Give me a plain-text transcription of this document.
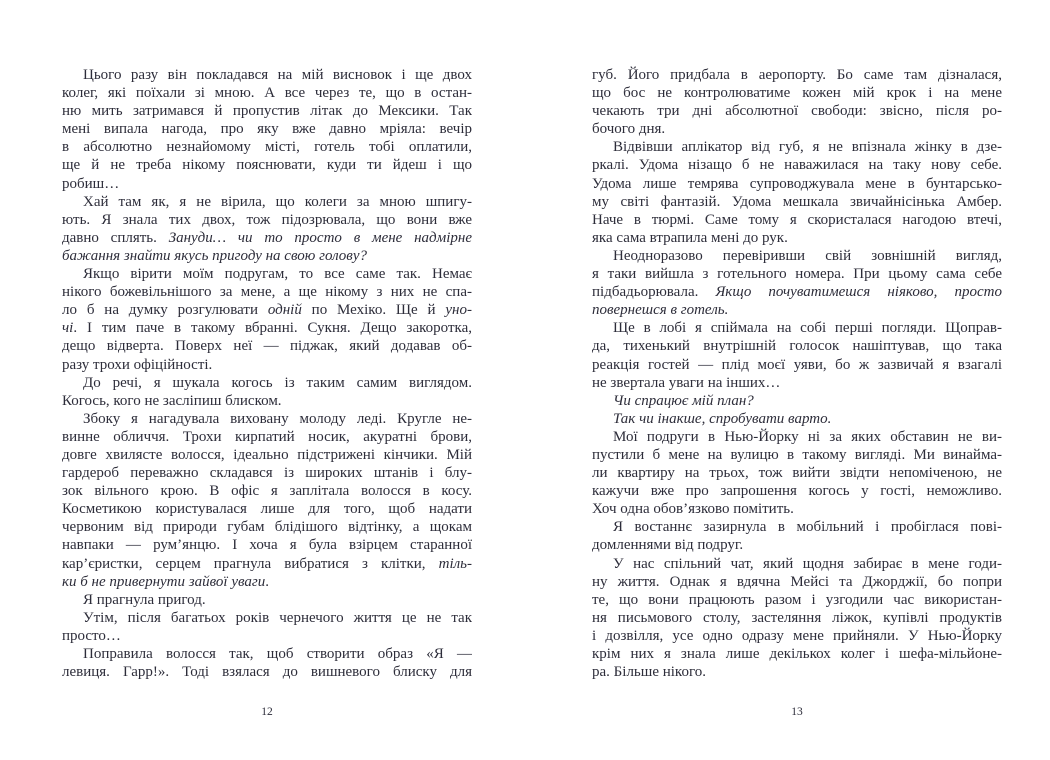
Цього разу він покладався на мій висновок і ще двох
колег, які поїхали зі мною. А все через те, що в остан-
ню мить затримався й пропустив літак до Мексики. Так
мені випала нагода, про яку вже давно мріяла: вечір
в абсолютно незнайомому місті, готель тобі оплатили,
ще й не треба нікому пояснювати, куди ти йдеш і що
робиш…
Хай там як, я не вірила, що колеги за мною шпигу-
ють. Я знала тих двох, тож підозрювала, що вони вже
давно сплять. Зануди… чи то просто в мене надмірне
бажання знайти якусь пригоду на свою голову?
Якщо вірити моїм подругам, то все саме так. Немає
нікого божевільнішого за мене, а ще нікому з них не спа-
ло б на думку розгулювати одній по Мехіко. Ще й уно-
чі. І тим паче в такому вбранні. Сукня. Дещо закоротка,
дещо відверта. Поверх неї — піджак, який додавав об-
разу трохи офіційності.
До речі, я шукала когось із таким самим виглядом.
Когось, кого не засліпиш блиском.
Збоку я нагадувала виховану молоду леді. Кругле не-
винне обличчя. Трохи кирпатий носик, акуратні брови,
довге хвилясте волосся, ідеально підстрижені кінчики. Мій
гардероб переважно складався із широких штанів і блу-
зок вільного крою. В офіс я заплітала волосся в косу.
Косметикою користувалася лише для того, щоб надати
червоним від природи губам блідішого відтінку, а щокам
навпаки — рум’янцю. І хоча я була взірцем старанної
кар’єристки, серцем прагнула вибратися з клітки, тіль-
ки б не привернути зайвої уваги.
Я прагнула пригод.
Утім, після багатьох років чернечого життя це не так
просто…
Поправила волосся так, щоб створити образ «Я —
левиця. Гарр!». Тоді взялася до вишневого блиску для
губ. Його придбала в аеропорту. Бо саме там дізналася,
що бос не контролюватиме кожен мій крок і на мене
чекають три дні абсолютної свободи: звісно, після ро-
бочого дня.
Відвівши аплікатор від губ, я не впізнала жінку в дзе-
ркалі. Удома нізащо б не наважилася на таку нову себе.
Удома лише темрява супроводжувала мене в бунтарсько-
му світі фантазій. Удома мешкала звичайнісінька Амбер.
Наче в тюрмі. Саме тому я скористалася нагодою втечі,
яка сама втрапила мені до рук.
Неодноразово перевіривши свій зовнішній вигляд,
я таки вийшла з готельного номера. При цьому сама себе
підбадьорювала. Якщо почуватимешся ніяково, просто
повернешся в готель.
Ще в лобі я спіймала на собі перші погляди. Щоправ-
да, тихенький внутрішній голосок нашіптував, що така
реакція гостей — плід моєї уяви, бо ж зазвичай я взагалі
не звертала уваги на інших…
Чи спрацює мій план?
Так чи інакше, спробувати варто.
Мої подруги в Нью-Йорку ні за яких обставин не ви-
пустили б мене на вулицю в такому вигляді. Ми винайма-
ли квартиру на трьох, тож вийти звідти непоміченою, не
кажучи вже про запрошення когось у гості, неможливо.
Хоч одна обов’язково помітить.
Я востаннє зазирнула в мобільний і пробіглася пові-
домленнями від подруг.
У нас спільний чат, який щодня забирає в мене годи-
ну життя. Однак я вдячна Мейсі та Джорджії, бо попри
те, що вони працюють разом і узгодили час використан-
ня письмового столу, застеляння ліжок, купівлі продуктів
і дозвілля, усе одно одразу мене прийняли. У Нью-Йорку
крім них я знала лише декількох колег і шефа-мільйоне-
ра. Більше нікого.
12	13
